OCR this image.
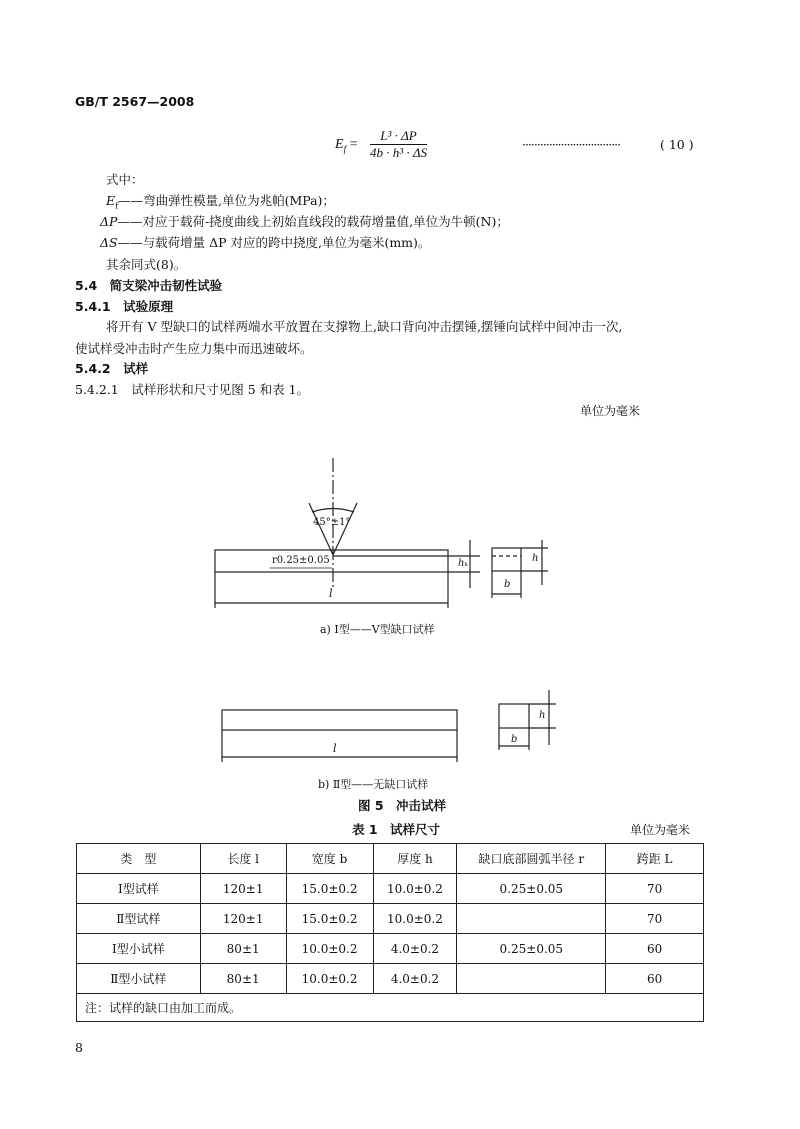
GB/T 2567—2008
$E_f = \frac{\text{L³ · ΔP}}{\text{4b · h³ · ΔS}}$	·································	( 10 )
式中：
$E_f——$弯曲弹性模量,单位为兆帕(MPa)；
ΔP——对应于载荷-挠度曲线上初始直线段的载荷增量值,单位为牛顿(N)；
ΔS——与载荷增量 ΔP 对应的跨中挠度,单位为毫米(mm)。
其余同式(8)。
5.4　简支梁冲击韧性试验
5.4.1　试验原理
将开有 V 型缺口的试样两端水平放置在支撑物上,缺口背向冲击摆锤,摆锤向试样中间冲击一次,
使试样受冲击时产生应力集中而迅速破坏。
5.4.2　试样
5.4.2.1　试样形状和尺寸见图 5 和表 1。
单位为毫米
45°±1°
r0.25±0.05
l
hₖ	h
b
a) Ⅰ型——V型缺口试样
l
h
b
b) Ⅱ型——无缺口试样
图 5　冲击试样
表 1　试样尺寸	单位为毫米
类　型	长度 l	宽度 b	厚度 h	缺口底部圆弧半径 r	跨距 L
Ⅰ型试样	120±1	15.0±0.2	10.0±0.2	0.25±0.05	70
Ⅱ型试样	120±1	15.0±0.2	10.0±0.2		70
Ⅰ型小试样	80±1	10.0±0.2	4.0±0.2	0.25±0.05	60
Ⅱ型小试样	80±1	10.0±0.2	4.0±0.2		60
注：试样的缺口由加工而成。					
8
